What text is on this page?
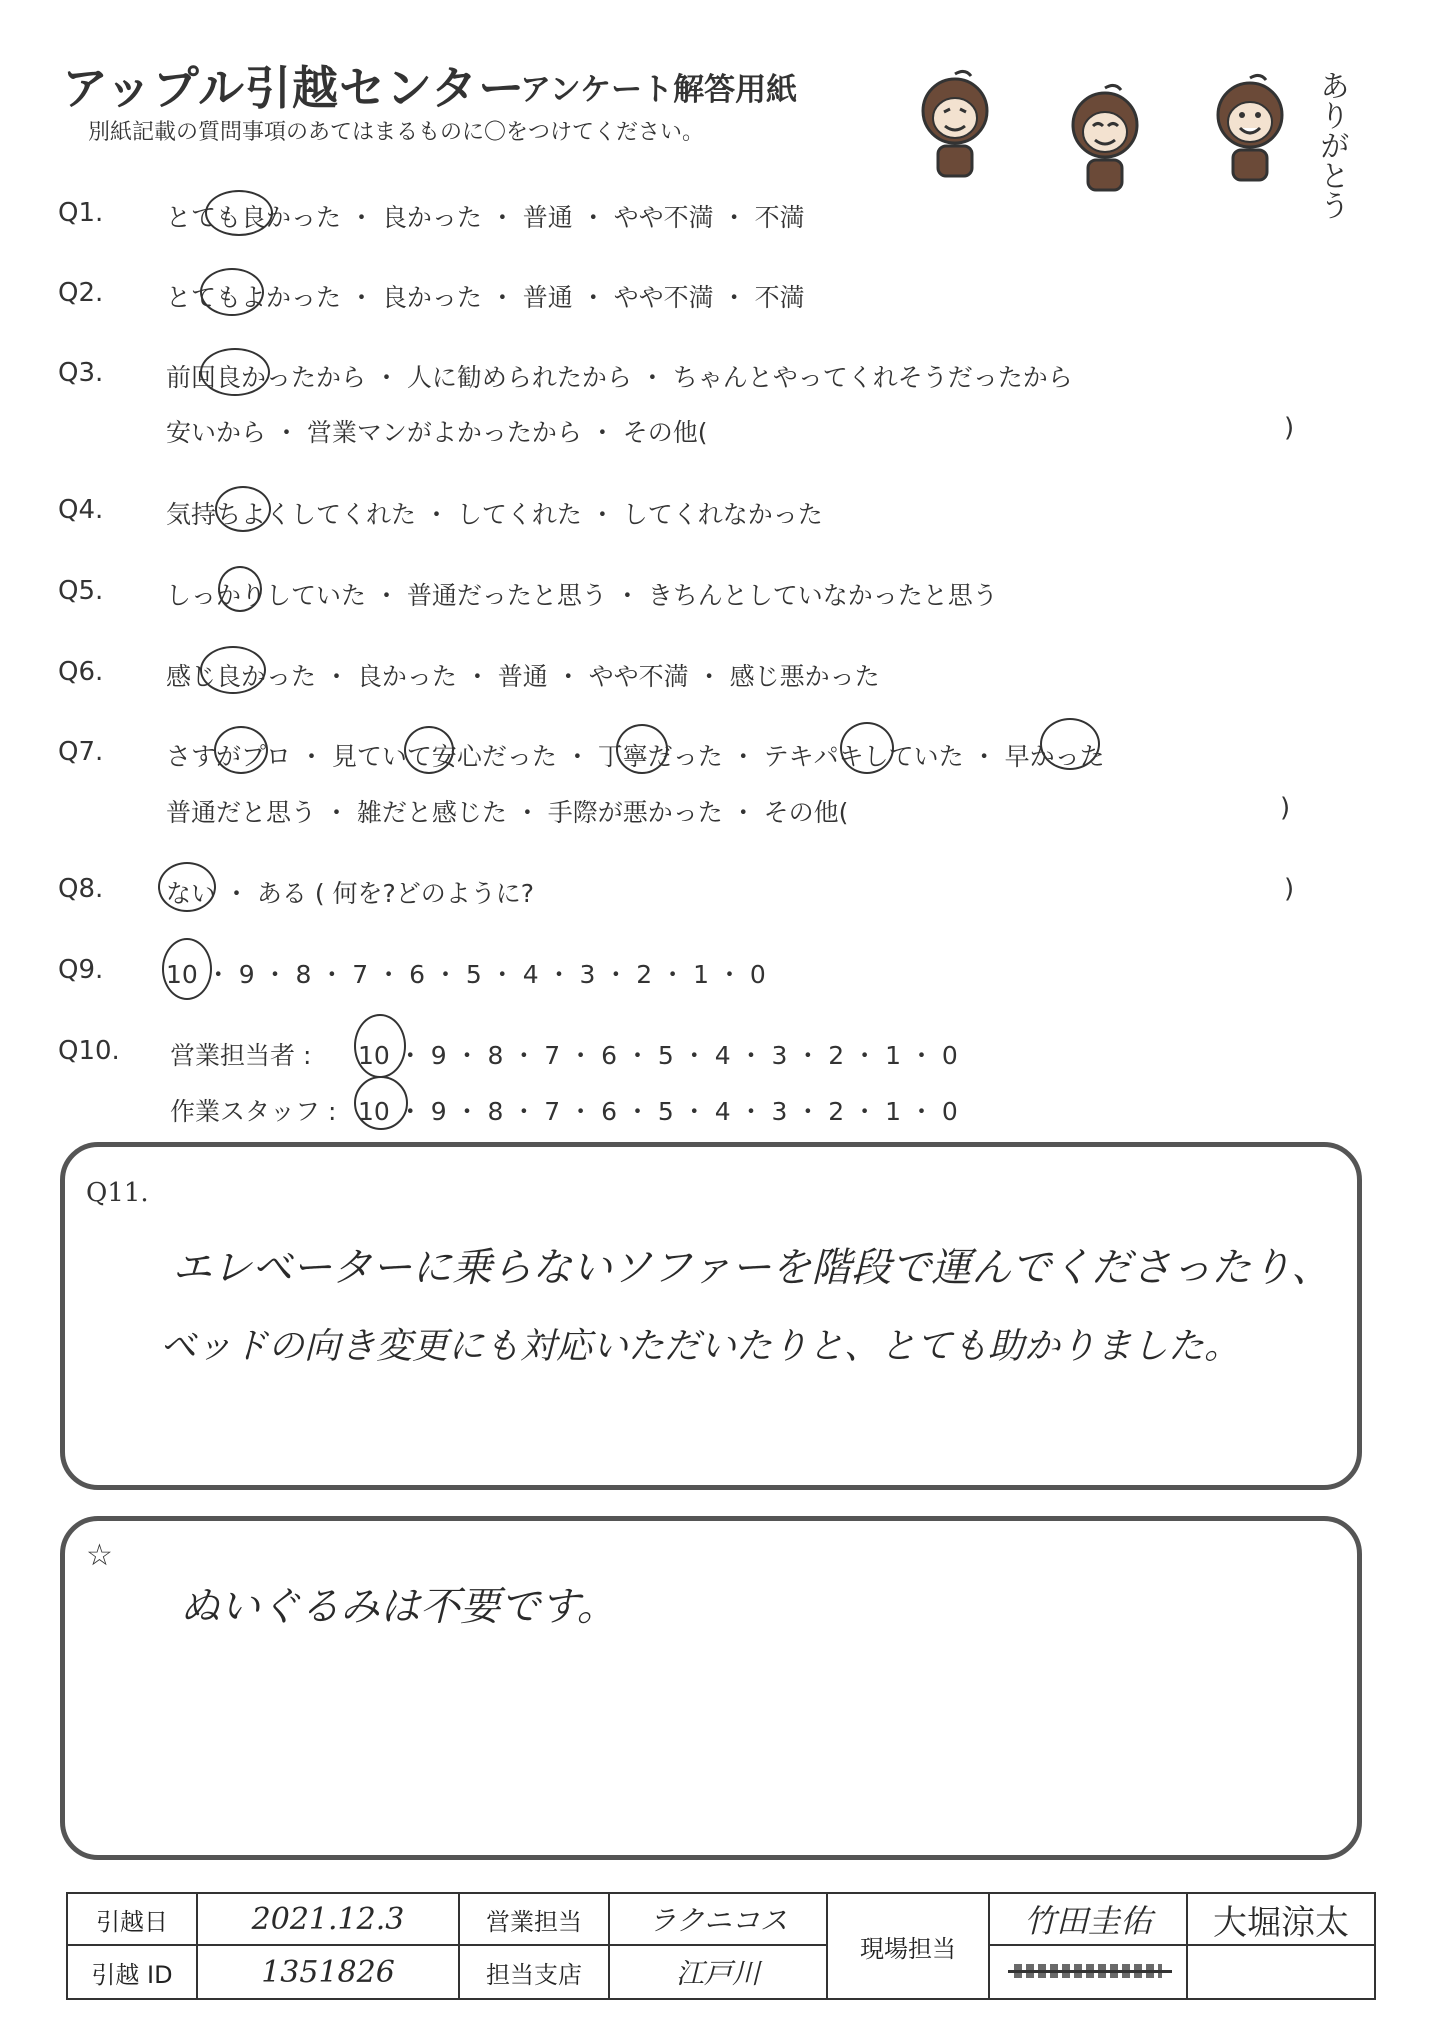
アップル引越センター
アンケート解答用紙
別紙記載の質問事項のあてはまるものに〇をつけてください。	ありがとう
Q1.	とても良かった ・ 良かった ・ 普通 ・ やや不満 ・ 不満
Q2.	とてもよかった ・ 良かった ・ 普通 ・ やや不満 ・ 不満
Q3.	前回良かったから ・ 人に勧められたから ・ ちゃんとやってくれそうだったから
安いから ・ 営業マンがよかったから ・ その他(	)
Q4.	気持ちよくしてくれた ・ してくれた ・ してくれなかった
Q5.	しっかりしていた ・ 普通だったと思う ・ きちんとしていなかったと思う
Q6.	感じ良かった ・ 良かった ・ 普通 ・ やや不満 ・ 感じ悪かった
Q7.	さすがプロ ・ 見ていて安心だった ・ 丁寧だった ・ テキパキしていた ・ 早かった
普通だと思う ・ 雑だと感じた ・ 手際が悪かった ・ その他(	)
Q8.	ない ・ ある ( 何を?どのように?	)
Q9.	10 ・ 9 ・ 8 ・ 7 ・ 6 ・ 5 ・ 4 ・ 3 ・ 2 ・ 1 ・ 0
Q10. 営業担当者 : 10 ・ 9 ・ 8 ・ 7 ・ 6 ・ 5 ・ 4 ・ 3 ・ 2 ・ 1 ・ 0
作業スタッフ : 10 ・ 9 ・ 8 ・ 7 ・ 6 ・ 5 ・ 4 ・ 3 ・ 2 ・ 1 ・ 0
Q11.
エレベーターに乗らないソファーを階段で運んでくださったり、
ベッドの向き変更にも対応いただいたりと、とても助かりました。
☆
ぬいぐるみは不要です。
引越日	2021.12.3	営業担当	ラクニコス	現場担当	竹田圭佑	大堀涼太
引越 ID	1351826	担当支店	江戸川		
